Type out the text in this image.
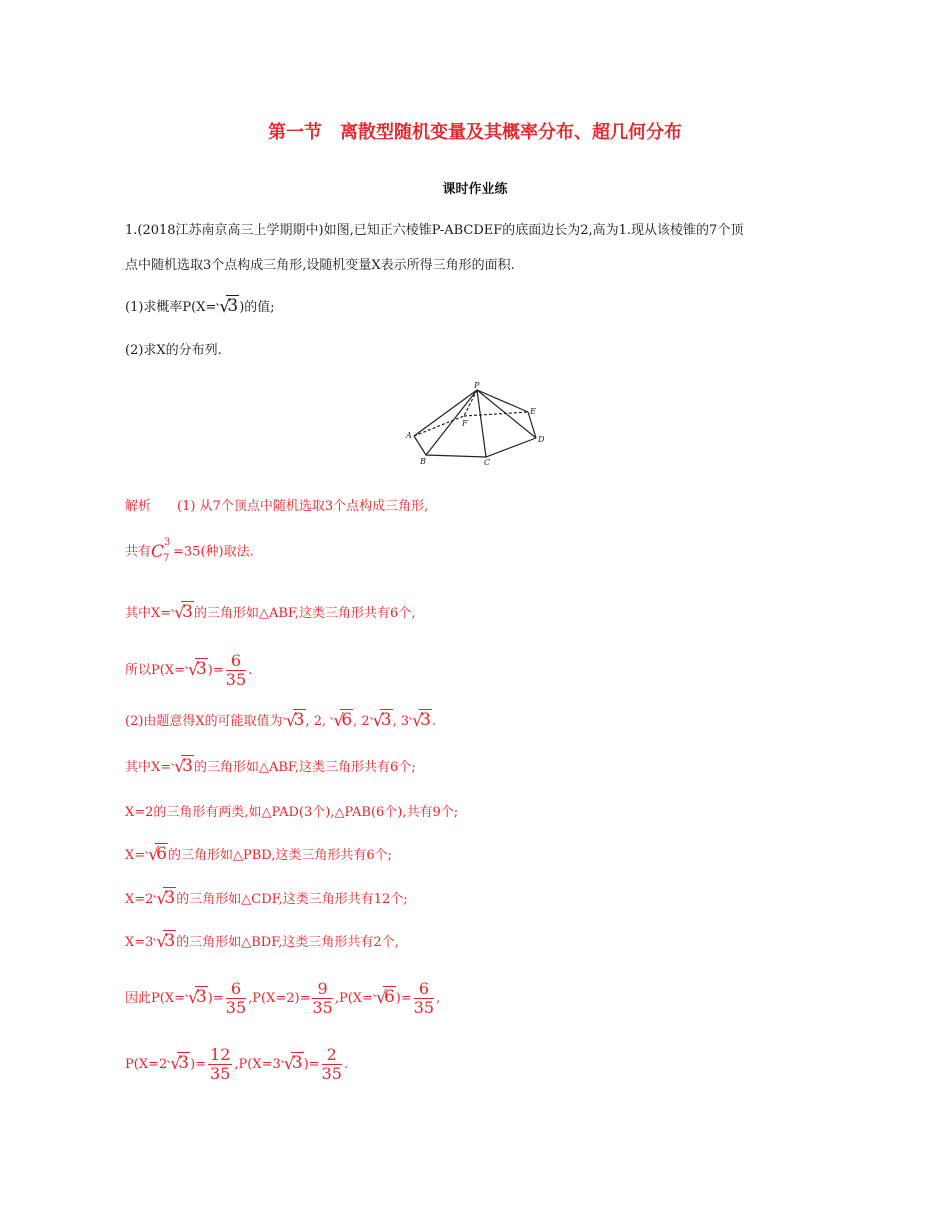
第一节　离散型随机变量及其概率分布、超几何分布
课时作业练
1.(2018江苏南京高三上学期期中)如图,已知正六棱锥P-ABCDEF的底面边长为2,高为1.现从该棱锥的7个顶
点中随机选取3个点构成三角形,设随机变量X表示所得三角形的面积.
(1)求概率P(X= √
3)的值;
(2)求X的分布列.
P
E
F
A	D
B	C
解析　　(1) 从7个顶点中随机选取3个点构成三角形,
共有 C 3
7 =35(种)取法.
其中X= √
3的三角形如△ABF,这类三角形共有6个,
所以P(X= √
$3)= \frac{6}{35}$ .
(2)由题意得X的可能取值为 √
3, 2, √
6, 2 √
3, 3 √
3.
其中X= √
3的三角形如△ABF,这类三角形共有6个;
X=2的三角形有两类,如△PAD(3个),△PAB(6个),共有9个;
X= √
6的三角形如△PBD,这类三角形共有6个;
X=2 √
3的三角形如△CDF,这类三角形共有12个;
X=3 √
3的三角形如△BDF,这类三角形共有2个,
因此P(X= √
$3)= \frac{6}{35} ,P(X=2)= \frac{9}{35} ,P(X=$ √
$6)= \frac{6}{35}$ ,
P(X=2 √
$3)= \frac{12}{35} ,P(X=3$ √
$3)= \frac{2}{35}$ .
